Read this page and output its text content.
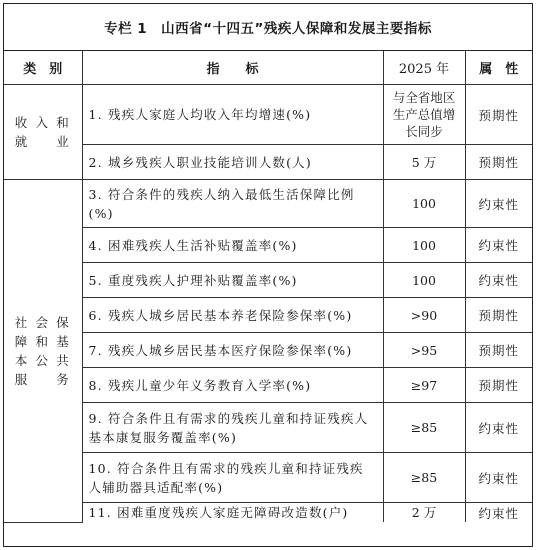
专栏 1　山西省“十四五”残疾人保障和发展主要指标
类　别	指　　标	2025 年	属　性
收入和就业	1. 残疾人家庭人均收入年均增速(%)	与全省地区生产总值增长同步	预期性
	2. 城乡残疾人职业技能培训人数(人)	5 万	预期性
社会保障和基本公共服务	3. 符合条件的残疾人纳入最低生活保障比例(%)	100	约束性
	4. 困难残疾人生活补贴覆盖率(%)	100	约束性
	5. 重度残疾人护理补贴覆盖率(%)	100	约束性
	6. 残疾人城乡居民基本养老保险参保率(%)	>90	预期性
	7. 残疾人城乡居民基本医疗保险参保率(%)	>95	预期性
	8. 残疾儿童少年义务教育入学率(%)	≥97	预期性
	9. 符合条件且有需求的残疾儿童和持证残疾人基本康复服务覆盖率(%)	≥85	约束性
	10. 符合条件且有需求的残疾儿童和持证残疾人辅助器具适配率(%)	≥85	约束性
	11. 困难重度残疾人家庭无障碍改造数(户)	2 万	约束性
